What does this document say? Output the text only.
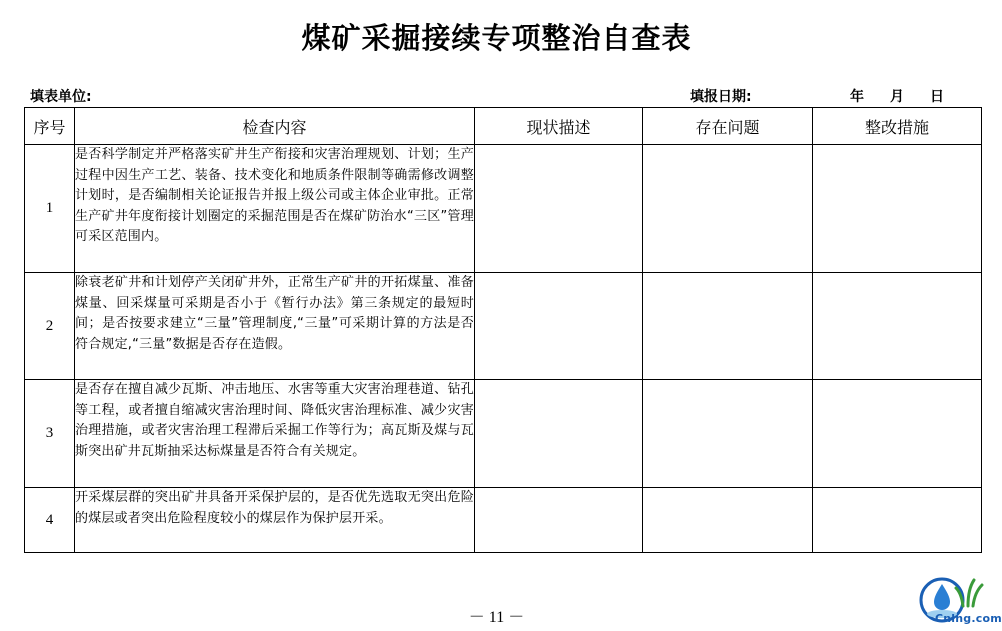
煤矿采掘接续专项整治自查表
填表单位:	填报日期:	年 月 日
序号	检查内容	现状描述	存在问题	整改措施
1	是否科学制定并严格落实矿井生产衔接和灾害治理规划、计划；生产过程中因生产工艺、装备、技术变化和地质条件限制等确需修改调整计划时，是否编制相关论证报告并报上级公司或主体企业审批。正常生产矿井年度衔接计划圈定的采掘范围是否在煤矿防治水“三区”管理可采区范围内。			
2	除衰老矿井和计划停产关闭矿井外，正常生产矿井的开拓煤量、准备煤量、回采煤量可采期是否小于《暂行办法》第三条规定的最短时间；是否按要求建立“三量”管理制度,“三量”可采期计算的方法是否符合规定,“三量”数据是否存在造假。			
3	是否存在擅自减少瓦斯、冲击地压、水害等重大灾害治理巷道、钻孔等工程，或者擅自缩减灾害治理时间、降低灾害治理标准、减少灾害治理措施，或者灾害治理工程滞后采掘工作等行为；高瓦斯及煤与瓦斯突出矿井瓦斯抽采达标煤量是否符合有关规定。			
4	开采煤层群的突出矿井具备开采保护层的，是否优先选取无突出危险的煤层或者突出危险程度较小的煤层作为保护层开采。			
－ 11 －	Cnlng.com
